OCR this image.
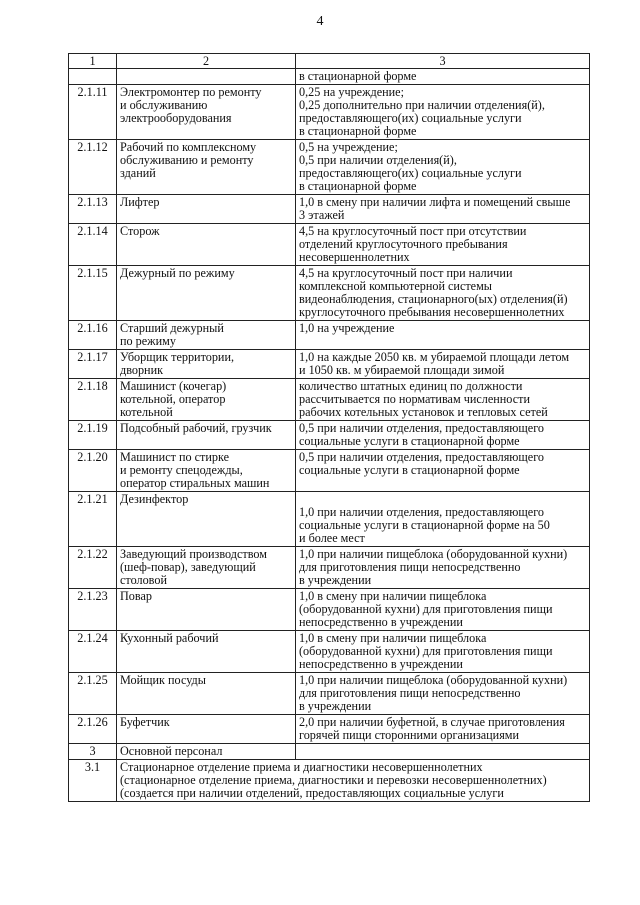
4
1	2	3

		в стационарной форме

2.1.11	Электромонтер по ремонту
и обслуживанию
электрооборудования	0,25 на учреждение;
0,25 дополнительно при наличии отделения(й),
предоставляющего(их) социальные услуги
в стационарной форме

2.1.12	Рабочий по комплексному
обслуживанию и ремонту
зданий	0,5 на учреждение;
0,5 при наличии отделения(й),
предоставляющего(их) социальные услуги
в стационарной форме

2.1.13	Лифтер	1,0 в смену при наличии лифта и помещений свыше
3 этажей

2.1.14	Сторож	4,5 на круглосуточный пост при отсутствии
отделений круглосуточного пребывания
несовершеннолетних

2.1.15	Дежурный по режиму	4,5 на круглосуточный пост при наличии
комплексной компьютерной системы
видеонаблюдения, стационарного(ых) отделения(й)
круглосуточного пребывания несовершеннолетних

2.1.16	Старший дежурный
по режиму	1,0 на учреждение

2.1.17	Уборщик территории,
дворник	1,0 на каждые 2050 кв. м убираемой площади летом
и 1050 кв. м убираемой площади зимой

2.1.18	Машинист (кочегар)
котельной, оператор
котельной	количество штатных единиц по должности
рассчитывается по нормативам численности
рабочих котельных установок и тепловых сетей

2.1.19	Подсобный рабочий, грузчик	0,5 при наличии отделения, предоставляющего
социальные услуги в стационарной форме

2.1.20	Машинист по стирке
и ремонту спецодежды,
оператор стиральных машин	0,5 при наличии отделения, предоставляющего
социальные услуги в стационарной форме

2.1.21	Дезинфектор	1,0 при наличии отделения, предоставляющего
социальные услуги в стационарной форме на 50
и более мест

2.1.22	Заведующий производством
(шеф-повар), заведующий
столовой	1,0 при наличии пищеблока (оборудованной кухни)
для приготовления пищи непосредственно
в учреждении

2.1.23	Повар	1,0 в смену при наличии пищеблока
(оборудованной кухни) для приготовления пищи
непосредственно в учреждении

2.1.24	Кухонный рабочий	1,0 в смену при наличии пищеблока
(оборудованной кухни) для приготовления пищи
непосредственно в учреждении

2.1.25	Мойщик посуды	1,0 при наличии пищеблока (оборудованной кухни)
для приготовления пищи непосредственно
в учреждении

2.1.26	Буфетчик	2,0 при наличии буфетной, в случае приготовления
горячей пищи сторонними организациями

3	Основной персонал	

3.1	Стационарное отделение приема и диагностики несовершеннолетних
(стационарное отделение приема, диагностики и перевозки несовершеннолетних)
(создается при наличии отделений, предоставляющих социальные услуги	
